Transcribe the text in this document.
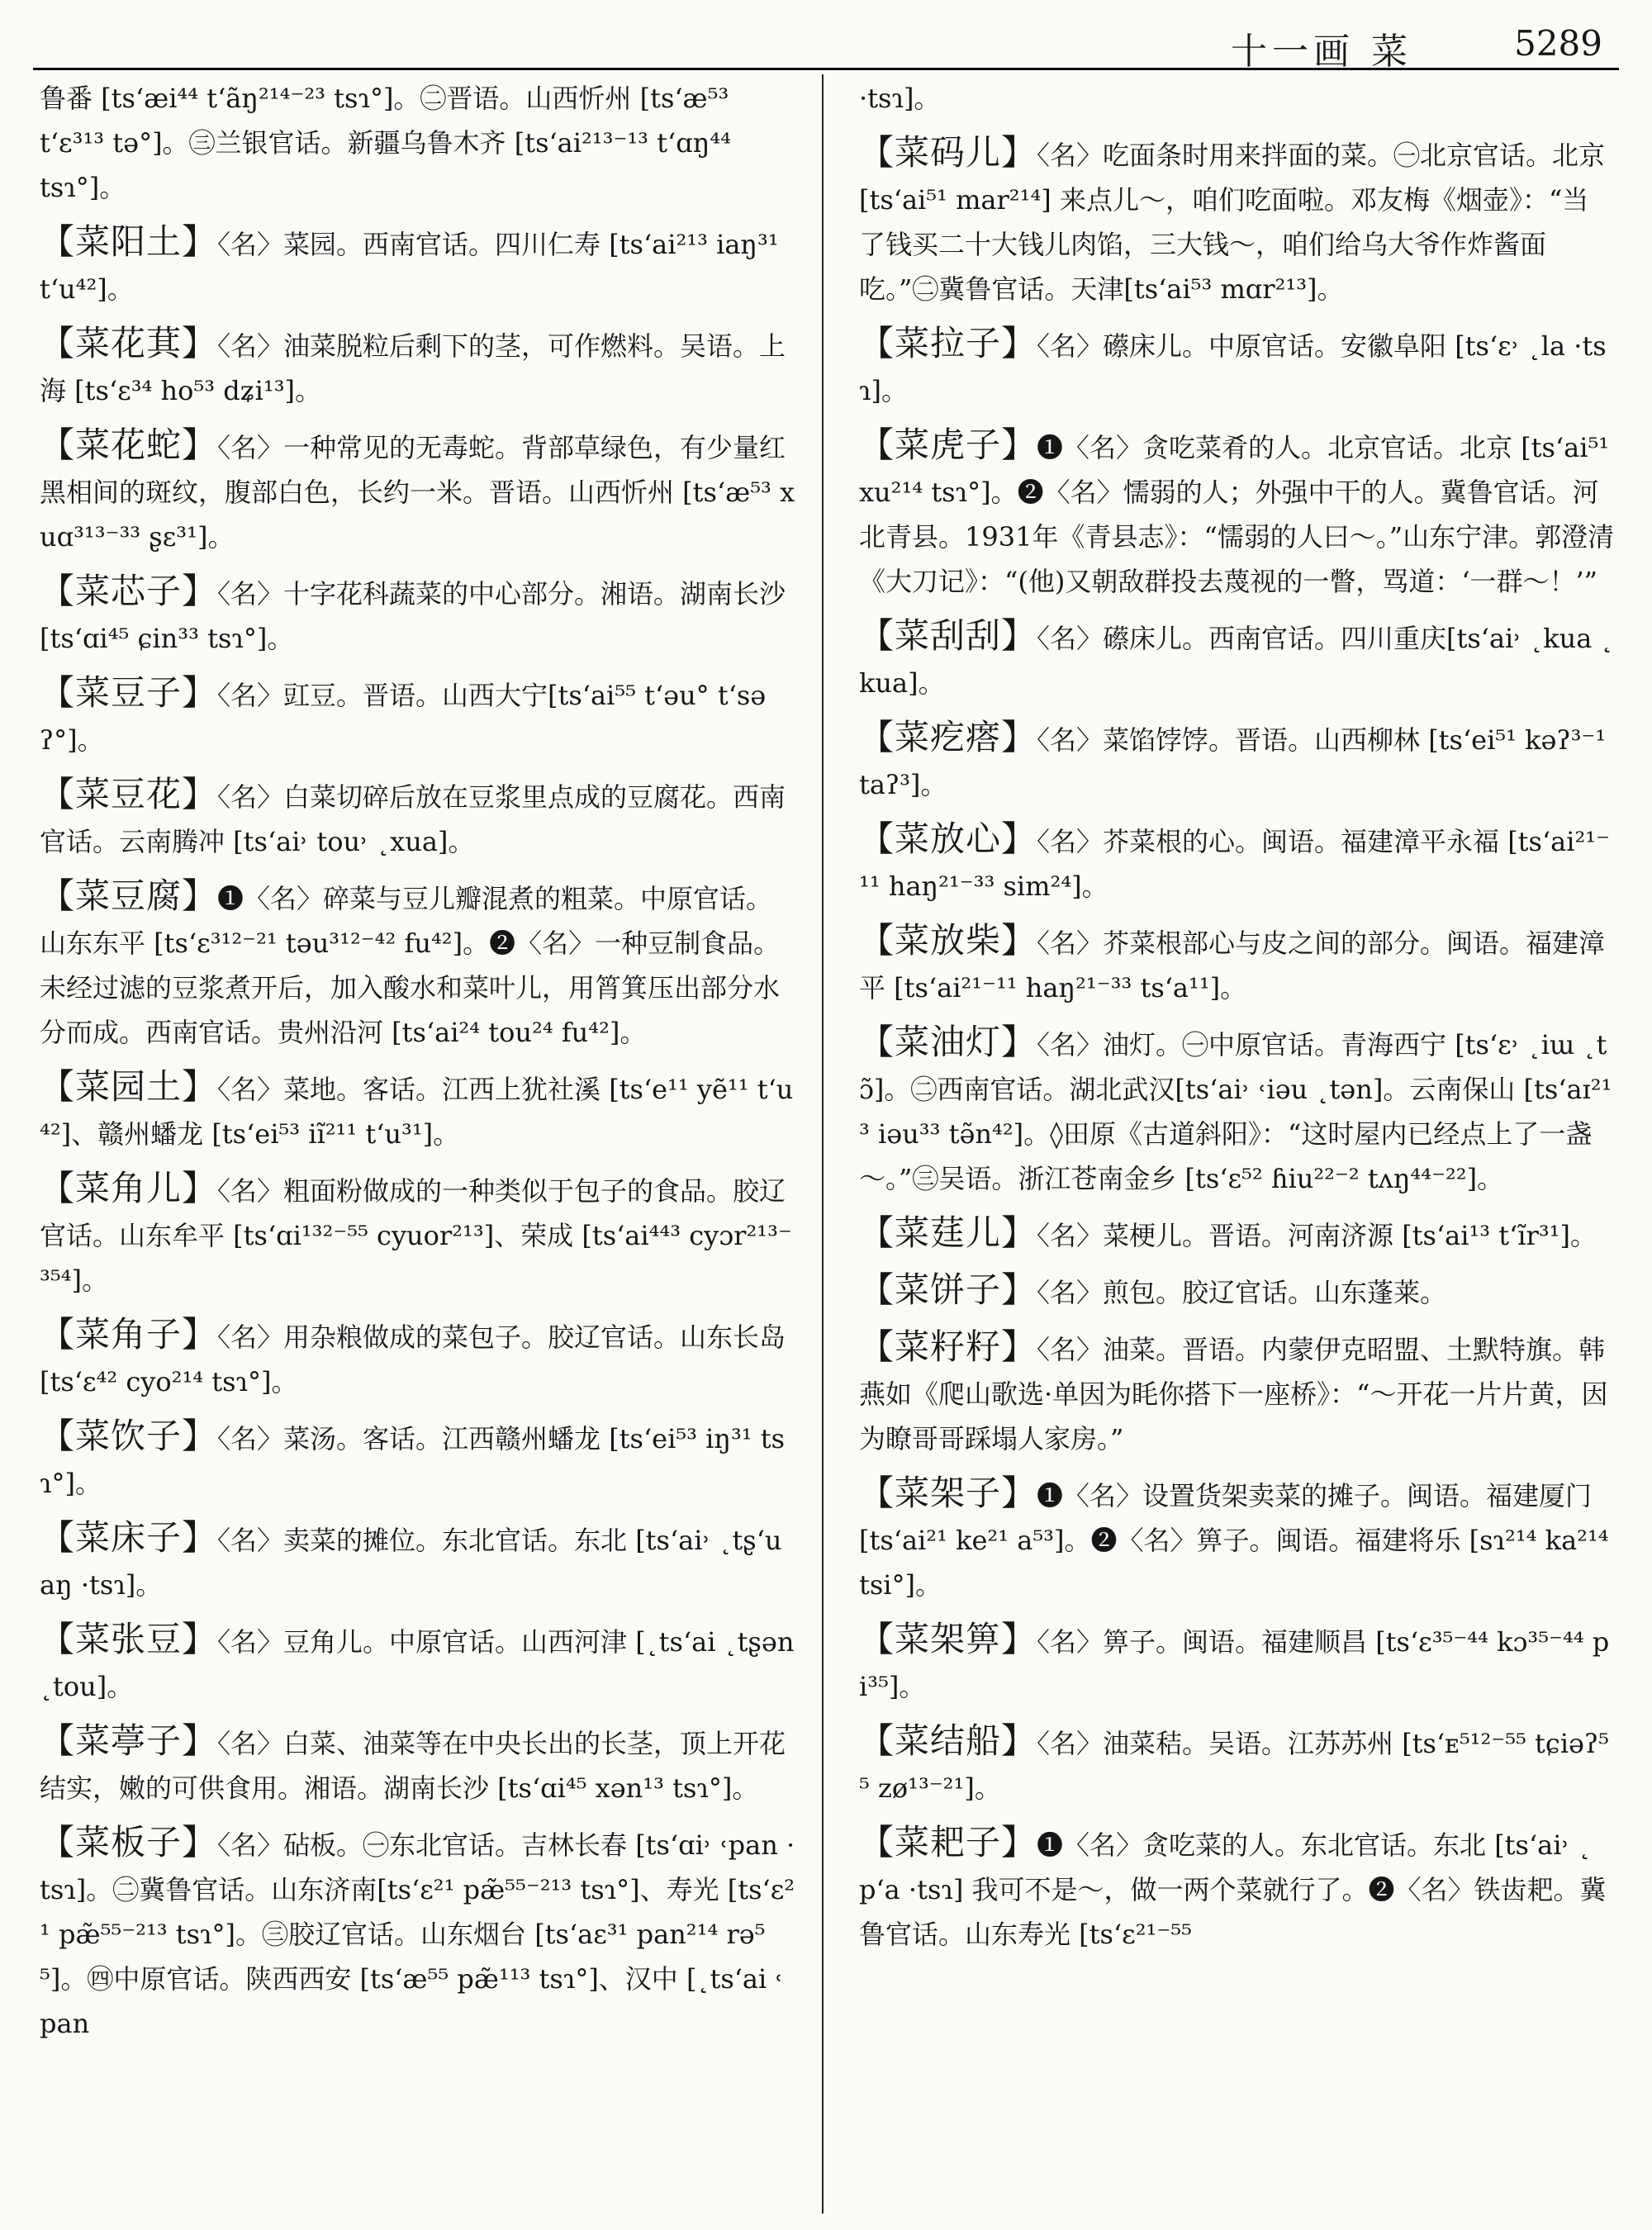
十一画 菜	5289

鲁番 [ts‘æi⁴⁴ t‘ãŋ²¹⁴⁻²³ tsɿ°]。㊁晋语。山西忻州 [ts‘æ⁵³ t‘ɛ³¹³ tə°]。㊂兰银官话。新疆乌鲁木齐 [ts‘ai²¹³⁻¹³ t‘ɑŋ⁴⁴ tsɿ°]。

【菜阳土】〈名〉菜园。西南官话。四川仁寿 [ts‘ai²¹³ iaŋ³¹ t‘u⁴²]。

【菜花萁】〈名〉油菜脱粒后剩下的茎，可作燃料。吴语。上海 [ts‘ɛ³⁴ ho⁵³ dʑi¹³]。

【菜花蛇】〈名〉一种常见的无毒蛇。背部草绿色，有少量红黑相间的斑纹，腹部白色，长约一米。晋语。山西忻州 [ts‘æ⁵³ xuɑ³¹³⁻³³ ʂɛ³¹]。

【菜芯子】〈名〉十字花科蔬菜的中心部分。湘语。湖南长沙 [ts‘ɑi⁴⁵ ɕin³³ tsɿ°]。

【菜豆子】〈名〉豇豆。晋语。山西大宁[ts‘ai⁵⁵ t‘əu° t‘səʔ°]。

【菜豆花】〈名〉白菜切碎后放在豆浆里点成的豆腐花。西南官话。云南腾冲 [ts‘ai˒ tou˒ ˛xua]。

【菜豆腐】❶〈名〉碎菜与豆儿瓣混煮的粗菜。中原官话。山东东平 [ts‘ɛ³¹²⁻²¹ təu³¹²⁻⁴² fu⁴²]。❷〈名〉一种豆制食品。未经过滤的豆浆煮开后，加入酸水和菜叶儿，用筲箕压出部分水分而成。西南官话。贵州沿河 [ts‘ai²⁴ tou²⁴ fu⁴²]。

【菜园土】〈名〉菜地。客话。江西上犹社溪 [ts‘e¹¹ yẽ¹¹ t‘u⁴²]、赣州蟠龙 [ts‘ei⁵³ iĩ²¹¹ t‘u³¹]。

【菜角儿】〈名〉粗面粉做成的一种类似于包子的食品。胶辽官话。山东牟平 [ts‘ɑi¹³²⁻⁵⁵ cyuor²¹³]、荣成 [ts‘ai⁴⁴³ cyɔr²¹³⁻³⁵⁴]。

【菜角子】〈名〉用杂粮做成的菜包子。胶辽官话。山东长岛 [ts‘ɛ⁴² cyo²¹⁴ tsɿ°]。

【菜饮子】〈名〉菜汤。客话。江西赣州蟠龙 [ts‘ei⁵³ iŋ³¹ tsɿ°]。

【菜床子】〈名〉卖菜的摊位。东北官话。东北 [ts‘ai˒ ˛tʂ‘uaŋ ·tsɿ]。

【菜张豆】〈名〉豆角儿。中原官话。山西河津 [˛ts‘ai ˛tʂən ˛tou]。

【菜葶子】〈名〉白菜、油菜等在中央长出的长茎，顶上开花结实，嫩的可供食用。湘语。湖南长沙 [ts‘ɑi⁴⁵ xən¹³ tsɿ°]。

【菜板子】〈名〉砧板。㊀东北官话。吉林长春 [ts‘ɑi˒ ˓pan ·tsɿ]。㊁冀鲁官话。山东济南[ts‘ɛ²¹ pæ̃⁵⁵⁻²¹³ tsɿ°]、寿光 [ts‘ɛ²¹ pæ̃⁵⁵⁻²¹³ tsɿ°]。㊂胶辽官话。山东烟台 [ts‘aɛ³¹ pan²¹⁴ rə⁵⁵]。㊃中原官话。陕西西安 [ts‘æ⁵⁵ pæ̃¹¹³ tsɿ°]、汉中 [˛ts‘ai ˓pan

·tsɿ]。

【菜码儿】〈名〉吃面条时用来拌面的菜。㊀北京官话。北京 [ts‘ai⁵¹ mar²¹⁴] 来点儿～，咱们吃面啦。邓友梅《烟壶》：“当了钱买二十大钱儿肉馅，三大钱～，咱们给乌大爷作炸酱面吃。”㊁冀鲁官话。天津[ts‘ai⁵³ mɑr²¹³]。

【菜拉子】〈名〉礤床儿。中原官话。安徽阜阳 [ts‘ɛ˒ ˛la ·tsɿ]。

【菜虎子】❶〈名〉贪吃菜肴的人。北京官话。北京 [ts‘ai⁵¹ xu²¹⁴ tsɿ°]。❷〈名〉懦弱的人；外强中干的人。冀鲁官话。河北青县。1931年《青县志》：“懦弱的人曰～。”山东宁津。郭澄清《大刀记》：“(他)又朝敌群投去蔑视的一瞥，骂道：‘一群～！’”

【菜刮刮】〈名〉礤床儿。西南官话。四川重庆[ts‘ai˒ ˛kua ˛kua]。

【菜疙瘩】〈名〉菜馅饽饽。晋语。山西柳林 [ts‘ei⁵¹ kəʔ³⁻¹ taʔ³]。

【菜放心】〈名〉芥菜根的心。闽语。福建漳平永福 [ts‘ai²¹⁻¹¹ haŋ²¹⁻³³ sim²⁴]。

【菜放柴】〈名〉芥菜根部心与皮之间的部分。闽语。福建漳平 [ts‘ai²¹⁻¹¹ haŋ²¹⁻³³ ts‘a¹¹]。

【菜油灯】〈名〉油灯。㊀中原官话。青海西宁 [ts‘ɛ˒ ˛iɯ ˛tɔ̃]。㊁西南官话。湖北武汉[ts‘ai˒ ˓iəu ˛tən]。云南保山 [ts‘aɪ²¹³ iəu³³ tə̃n⁴²]。◊田原《古道斜阳》：“这时屋内已经点上了一盏～。”㊂吴语。浙江苍南金乡 [ts‘ɛ⁵² ɦiu²²⁻² tʌŋ⁴⁴⁻²²]。

【菜莛儿】〈名〉菜梗儿。晋语。河南济源 [ts‘ai¹³ t‘ĩr³¹]。

【菜饼子】〈名〉煎包。胶辽官话。山东蓬莱。

【菜籽籽】〈名〉油菜。晋语。内蒙伊克昭盟、土默特旗。韩燕如《爬山歌选·单因为眊你搭下一座桥》：“～开花一片片黄，因为瞭哥哥踩塌人家房。”

【菜架子】❶〈名〉设置货架卖菜的摊子。闽语。福建厦门 [ts‘ai²¹ ke²¹ a⁵³]。❷〈名〉箅子。闽语。福建将乐 [sɿ²¹⁴ ka²¹⁴ tsi°]。

【菜架箅】〈名〉箅子。闽语。福建顺昌 [ts‘ɛ³⁵⁻⁴⁴ kɔ³⁵⁻⁴⁴ pi³⁵]。

【菜结船】〈名〉油菜秸。吴语。江苏苏州 [ts‘ᴇ⁵¹²⁻⁵⁵ tɕiəʔ⁵⁵ zø¹³⁻²¹]。

【菜耙子】❶〈名〉贪吃菜的人。东北官话。东北 [ts‘ai˒ ˛p‘a ·tsɿ] 我可不是～，做一两个菜就行了。❷〈名〉铁齿耙。冀鲁官话。山东寿光 [ts‘ɛ²¹⁻⁵⁵
